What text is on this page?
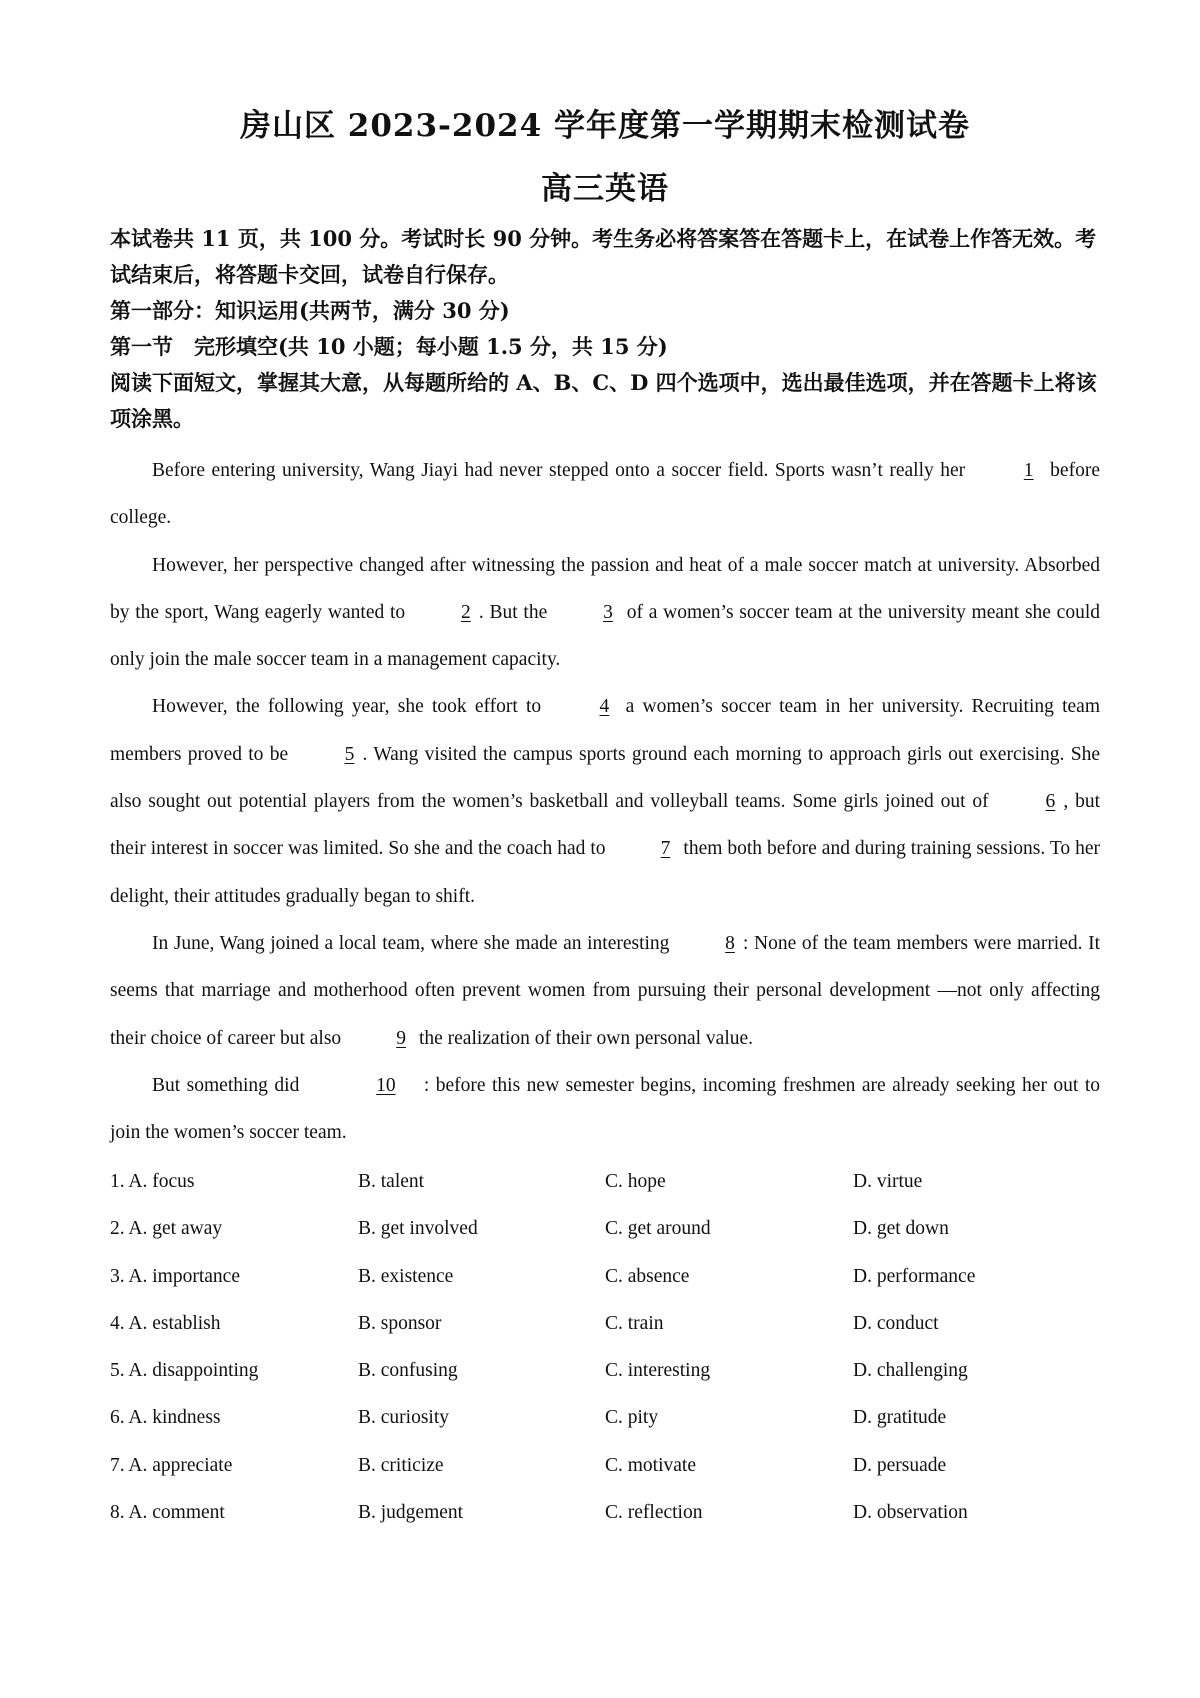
房山区 2023-2024 学年度第一学期期末检测试卷
高三英语

本试卷共 11 页，共 100 分。考试时长 90 分钟。考生务必将答案答在答题卡上，在试卷上作答无效。考试结束后，将答题卡交回，试卷自行保存。

第一部分：知识运用(共两节，满分 30 分)

第一节　完形填空(共 10 小题；每小题 1.5 分，共 15 分)

阅读下面短文，掌握其大意，从每题所给的 A、B、C、D 四个选项中，选出最佳选项，并在答题卡上将该项涂黑。

Before entering university, Wang Jiayi had never stepped onto a soccer field. Sports wasn’t really her	1 before college.

However, her perspective changed after witnessing the passion and heat of a male soccer match at university. Absorbed by the sport, Wang eagerly wanted to	2 . But the	3 of a women’s soccer team at the university meant she could only join the male soccer team in a management capacity.

However, the following year, she took effort to	4 a women’s soccer team in her university. Recruiting team members proved to be	5 . Wang visited the campus sports ground each morning to approach girls out exercising. She also sought out potential players from the women’s basketball and volleyball teams. Some girls joined out of	6 , but their interest in soccer was limited. So she and the coach had to	7 them both before and during training sessions. To her delight, their attitudes gradually began to shift.

In June, Wang joined a local team, where she made an interesting	8 : None of the team members were married. It seems that marriage and motherhood often prevent women from pursuing their personal development —not only affecting their choice of career but also	9 the realization of their own personal value.

But something did	10 : before this new semester begins, incoming freshmen are already seeking her out to join the women’s soccer team.

1. A. focus	B. talent	C. hope	D. virtue
2. A. get away	B. get involved	C. get around	D. get down
3. A. importance	B. existence	C. absence	D. performance
4. A. establish	B. sponsor	C. train	D. conduct
5. A. disappointing	B. confusing	C. interesting	D. challenging
6. A. kindness	B. curiosity	C. pity	D. gratitude
7. A. appreciate	B. criticize	C. motivate	D. persuade
8. A. comment	B. judgement	C. reflection	D. observation
